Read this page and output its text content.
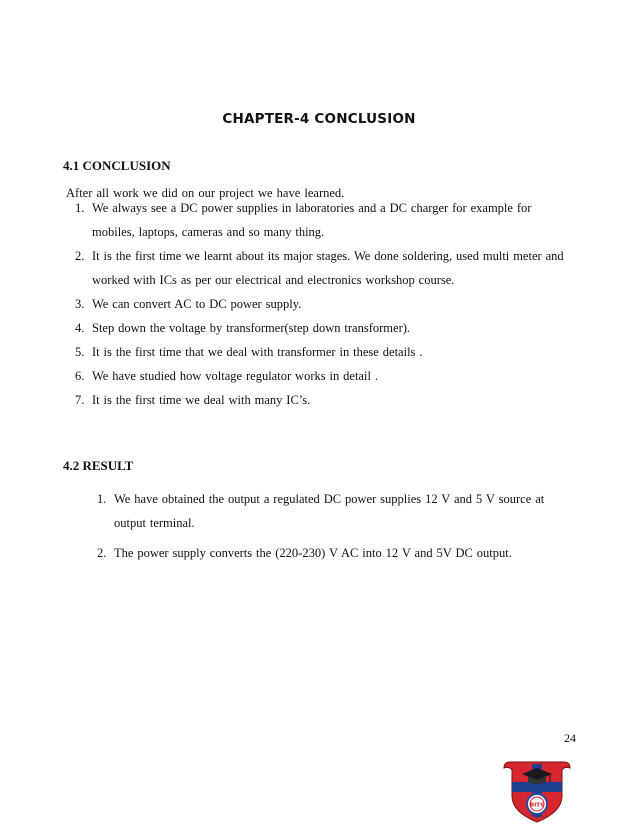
CHAPTER-4 CONCLUSION
4.1 CONCLUSION
After all work we did on our project we have learned.
1. We always see a DC power supplies in laboratories and a DC charger for example for
mobiles, laptops, cameras and so many thing.
2. It is the first time we learnt about its major stages. We done soldering, used multi meter and
worked with ICs as per our electrical and electronics workshop course.
3. We can convert AC to DC power supply.
4. Step down the voltage by transformer(step down transformer).
5. It is the first time that we deal with transformer in these details .
6. We have studied how voltage regulator works in detail .
7. It is the first time we deal with many IC’s.
4.2 RESULT
1. We have obtained the output a regulated DC power supplies 12 V and 5 V source at
output terminal.
2. The power supply converts the (220-230) V AC into 12 V and 5V DC output.
24
BITS
